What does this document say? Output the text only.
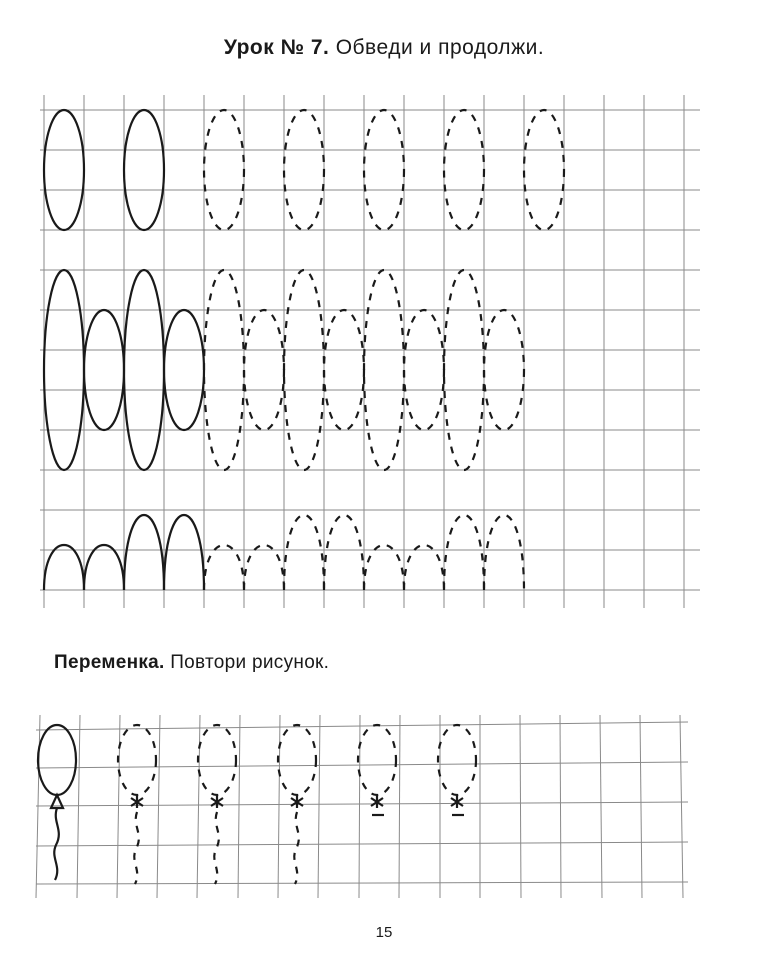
Урок № 7. Обведи и продолжи.
Переменка. Повтори рисунок.
15
